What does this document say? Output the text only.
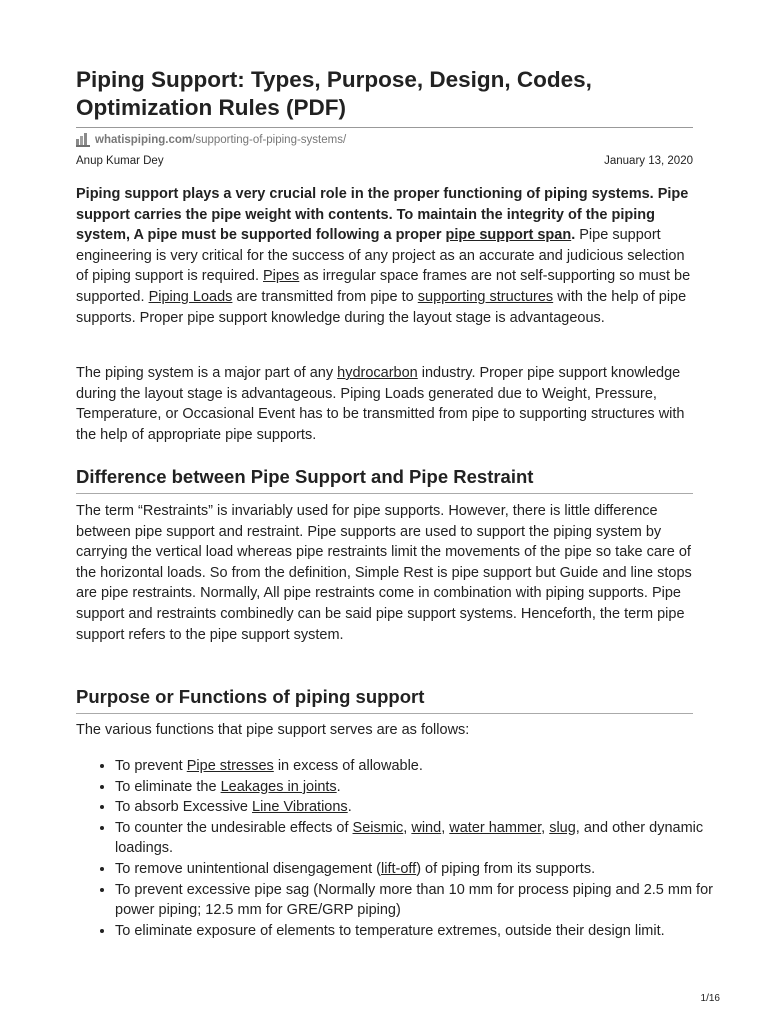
Piping Support: Types, Purpose, Design, Codes, Optimization Rules (PDF)
whatispiping.com/supporting-of-piping-systems/
Anup Kumar Dey	January 13, 2020

Piping support plays a very crucial role in the proper functioning of piping systems. Pipe support carries the pipe weight with contents. To maintain the integrity of the piping system, A pipe must be supported following a proper pipe support span. Pipe support engineering is very critical for the success of any project as an accurate and judicious selection of piping support is required. Pipes as irregular space frames are not self-supporting so must be supported. Piping Loads are transmitted from pipe to supporting structures with the help of pipe supports. Proper pipe support knowledge during the layout stage is advantageous.

The piping system is a major part of any hydrocarbon industry. Proper pipe support knowledge during the layout stage is advantageous. Piping Loads generated due to Weight, Pressure, Temperature, or Occasional Event has to be transmitted from pipe to supporting structures with the help of appropriate pipe supports.

Difference between Pipe Support and Pipe Restraint

The term “Restraints” is invariably used for pipe supports. However, there is little difference between pipe support and restraint. Pipe supports are used to support the piping system by carrying the vertical load whereas pipe restraints limit the movements of the pipe so take care of the horizontal loads. So from the definition, Simple Rest is pipe support but Guide and line stops are pipe restraints. Normally, All pipe restraints come in combination with piping supports. Pipe support and restraints combinedly can be said pipe support systems. Henceforth, the term pipe support refers to the pipe support system.

Purpose or Functions of piping support

The various functions that pipe support serves are as follows:

• To prevent Pipe stresses in excess of allowable.
• To eliminate the Leakages in joints.
• To absorb Excessive Line Vibrations.
• To counter the undesirable effects of Seismic, wind, water hammer, slug, and other dynamic loadings.
• To remove unintentional disengagement (lift-off) of piping from its supports.
• To prevent excessive pipe sag (Normally more than 10 mm for process piping and 2.5 mm for power piping; 12.5 mm for GRE/GRP piping)
• To eliminate exposure of elements to temperature extremes, outside their design limit.
1/16
